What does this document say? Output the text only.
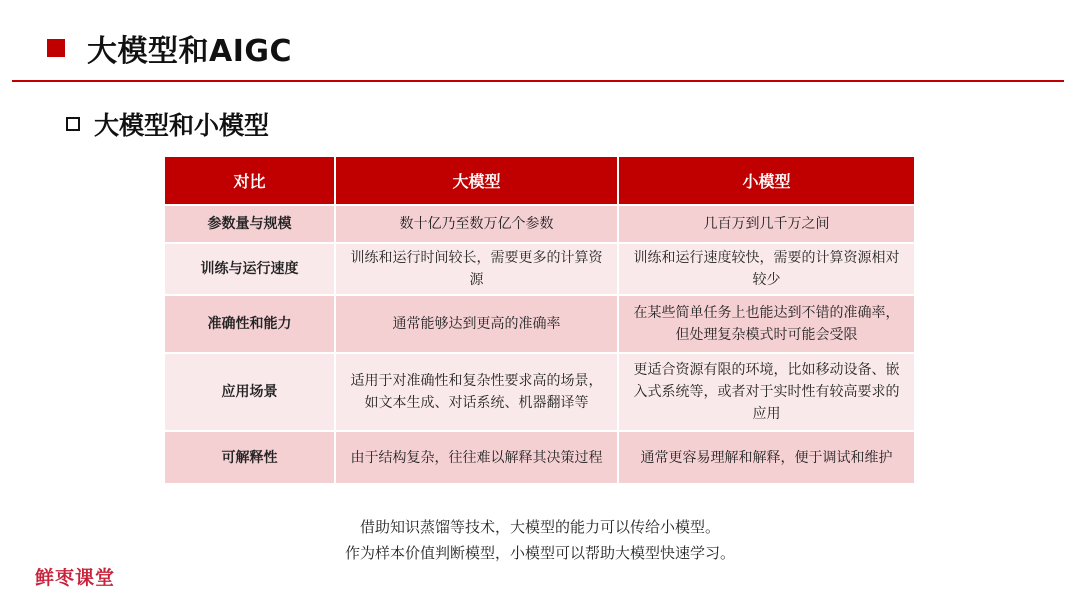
大模型和AIGC
大模型和小模型
对比	大模型	小模型
参数量与规模	数十亿乃至数万亿个参数	几百万到几千万之间
训练与运行速度	训练和运行时间较长，需要更多的计算资源	训练和运行速度较快，需要的计算资源相对较少
准确性和能力	通常能够达到更高的准确率	在某些简单任务上也能达到不错的准确率，但处理复杂模式时可能会受限
应用场景	适用于对准确性和复杂性要求高的场景，如文本生成、对话系统、机器翻译等	更适合资源有限的环境，比如移动设备、嵌入式系统等，或者对于实时性有较高要求的应用
可解释性	由于结构复杂，往往难以解释其决策过程	通常更容易理解和解释，便于调试和维护
借助知识蒸馏等技术，大模型的能力可以传给小模型。
作为样本价值判断模型，小模型可以帮助大模型快速学习。
鲜枣课堂
